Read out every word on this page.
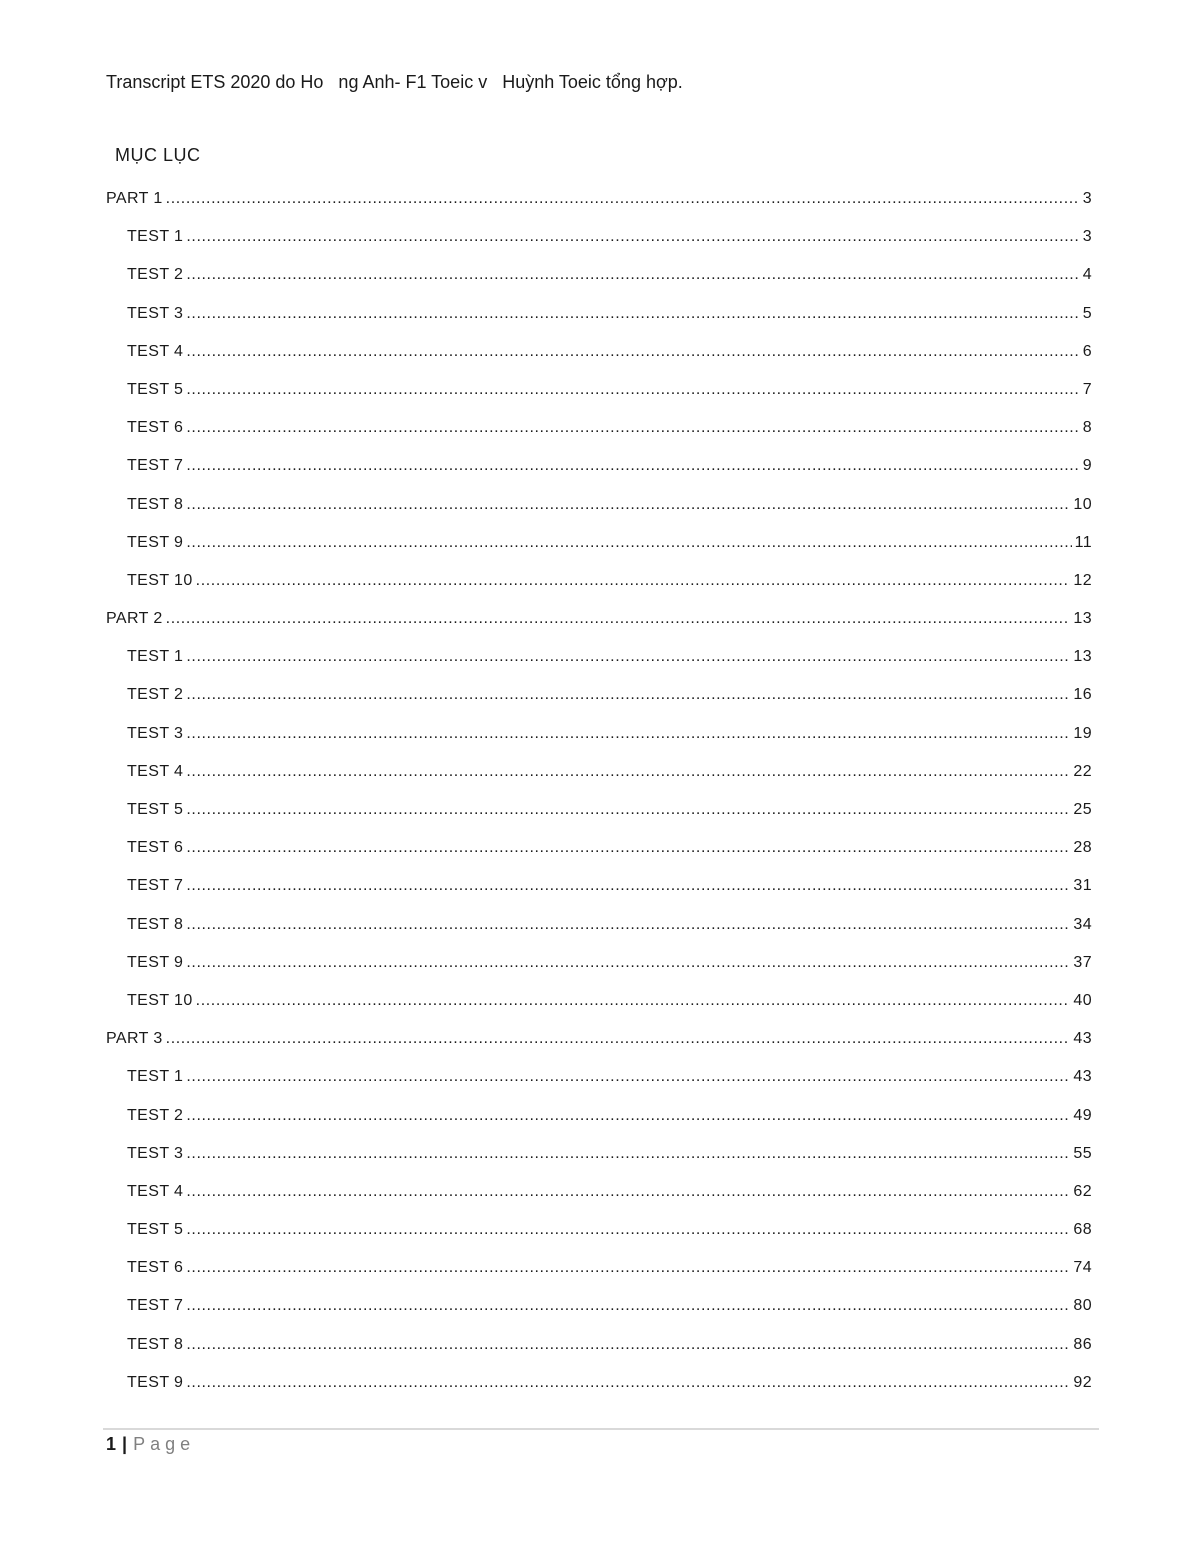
Transcript ETS 2020 do Ho   ng Anh- F1 Toeic v   Huỳnh Toeic tổng hợp.
MỤC LỤC
PART 1 .....	3
TEST 1 .....	3
TEST 2 .....	4
TEST 3 .....	5
TEST 4 .....	6
TEST 5 .....	7
TEST 6 .....	8
TEST 7 .....	9
TEST 8 .....	10
TEST 9 .....	11
TEST 10 .....	12
PART 2 .....	13
TEST 1 .....	13
TEST 2 .....	16
TEST 3 .....	19
TEST 4 .....	22
TEST 5 .....	25
TEST 6 .....	28
TEST 7 .....	31
TEST 8 .....	34
TEST 9 .....	37
TEST 10 .....	40
PART 3 .....	43
TEST 1 .....	43
TEST 2 .....	49
TEST 3 .....	55
TEST 4 .....	62
TEST 5 .....	68
TEST 6 .....	74
TEST 7 .....	80
TEST 8 .....	86
TEST 9 .....	92
1 | Page
